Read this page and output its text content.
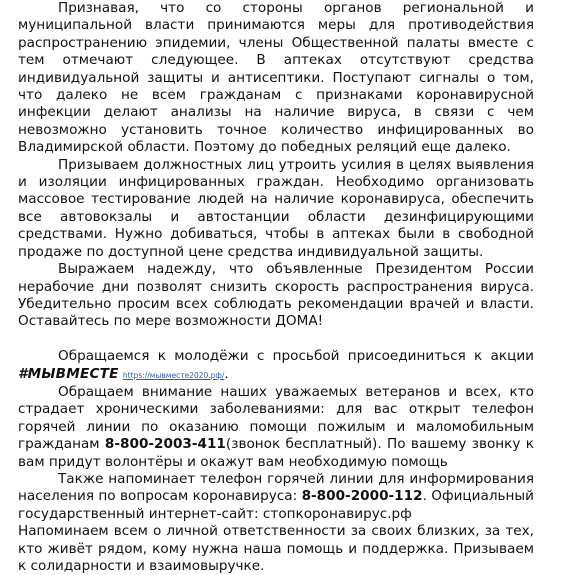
Признавая, что со стороны органов региональной и муниципальной власти принимаются меры для противодействия распространению эпидемии, члены Общественной палаты вместе с тем отмечают следующее. В аптеках отсутствуют средства индивидуальной защиты и антисептики. Поступают сигналы о том, что далеко не всем гражданам с признаками коронавирусной инфекции делают анализы на наличие вируса, в связи с чем невозможно установить точное количество инфицированных во Владимирской области. Поэтому до победных реляций еще далеко.

Призываем должностных лиц утроить усилия в целях выявления и изоляции инфицированных граждан. Необходимо организовать массовое тестирование людей на наличие коронавируса, обеспечить все автовокзалы и автостанции области дезинфицирующими средствами. Нужно добиваться, чтобы в аптеках были в свободной продаже по доступной цене средства индивидуальной защиты.

Выражаем надежду, что объявленные Президентом России нерабочие дни позволят снизить скорость распространения вируса. Убедительно просим всех соблюдать рекомендации врачей и власти. Оставайтесь по мере возможности ДОМА!

Обращаемся к молодёжи с просьбой присоединиться к акции #МЫВМЕСТЕ https://мывместе2020.рф/.

Обращаем внимание наших уважаемых ветеранов и всех, кто страдает хроническими заболеваниями: для вас открыт телефон горячей линии по оказанию помощи пожилым и маломобильным гражданам 8-800-2003-411(звонок бесплатный). По вашему звонку к вам придут волонтёры и окажут вам необходимую помощь

Также напоминает телефон горячей линии для информирования населения по вопросам коронавируса: 8-800-2000-112. Официальный государственный интернет-сайт: стопкоронавирус.рф

Напоминаем всем о личной ответственности за своих близких, за тех, кто живёт рядом, кому нужна наша помощь и поддержка. Призываем к солидарности и взаимовыручке.
